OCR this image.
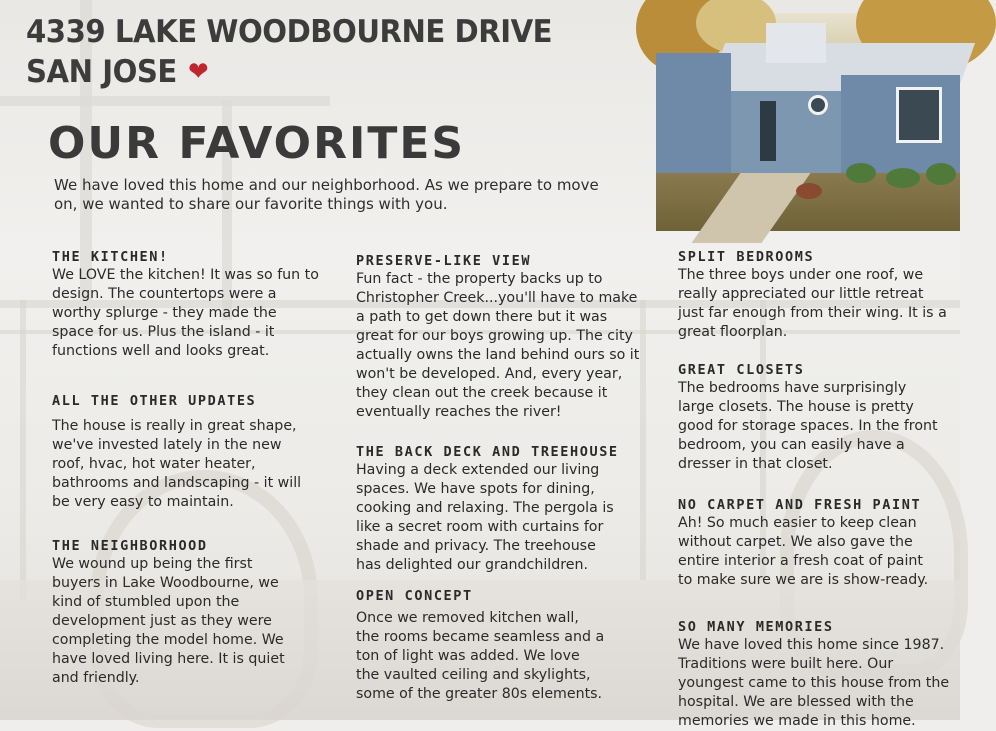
4339 LAKE WOODBOURNE DRIVE
SAN JOSE ❤
OUR FAVORITES
We have loved this home and our neighborhood. As we prepare to move on, we wanted to share our favorite things with you.
THE KITCHEN!

We LOVE the kitchen! It was so fun to design. The countertops were a worthy splurge - they made the space for us. Plus the island - it functions well and looks great.

ALL THE OTHER UPDATES

The house is really in great shape, we've invested lately in the new roof, hvac, hot water heater, bathrooms and landscaping - it will be very easy to maintain.

THE NEIGHBORHOOD

We wound up being the first buyers in Lake Woodbourne, we kind of stumbled upon the development just as they were completing the model home. We have loved living here. It is quiet and friendly.

PRESERVE-LIKE VIEW

Fun fact - the property backs up to Christopher Creek...you'll have to make a path to get down there but it was great for our boys growing up. The city actually owns the land behind ours so it won't be developed. And, every year, they clean out the creek because it eventually reaches the river!

THE BACK DECK AND TREEHOUSE

Having a deck extended our living spaces. We have spots for dining, cooking and relaxing. The pergola is like a secret room with curtains for shade and privacy. The treehouse has delighted our grandchildren.

OPEN CONCEPT

Once we removed kitchen wall, the rooms became seamless and a ton of light was added. We love the vaulted ceiling and skylights, some of the greater 80s elements.

SPLIT BEDROOMS

The three boys under one roof, we really appreciated our little retreat just far enough from their wing. It is a great floorplan.

GREAT CLOSETS

The bedrooms have surprisingly large closets. The house is pretty good for storage spaces. In the front bedroom, you can easily have a dresser in that closet.

NO CARPET AND FRESH PAINT

Ah! So much easier to keep clean without carpet. We also gave the entire interior a fresh coat of paint to make sure we are is show-ready.

SO MANY MEMORIES

We have loved this home since 1987. Traditions were built here. Our youngest came to this house from the hospital. We are blessed with the memories we made in this home.
